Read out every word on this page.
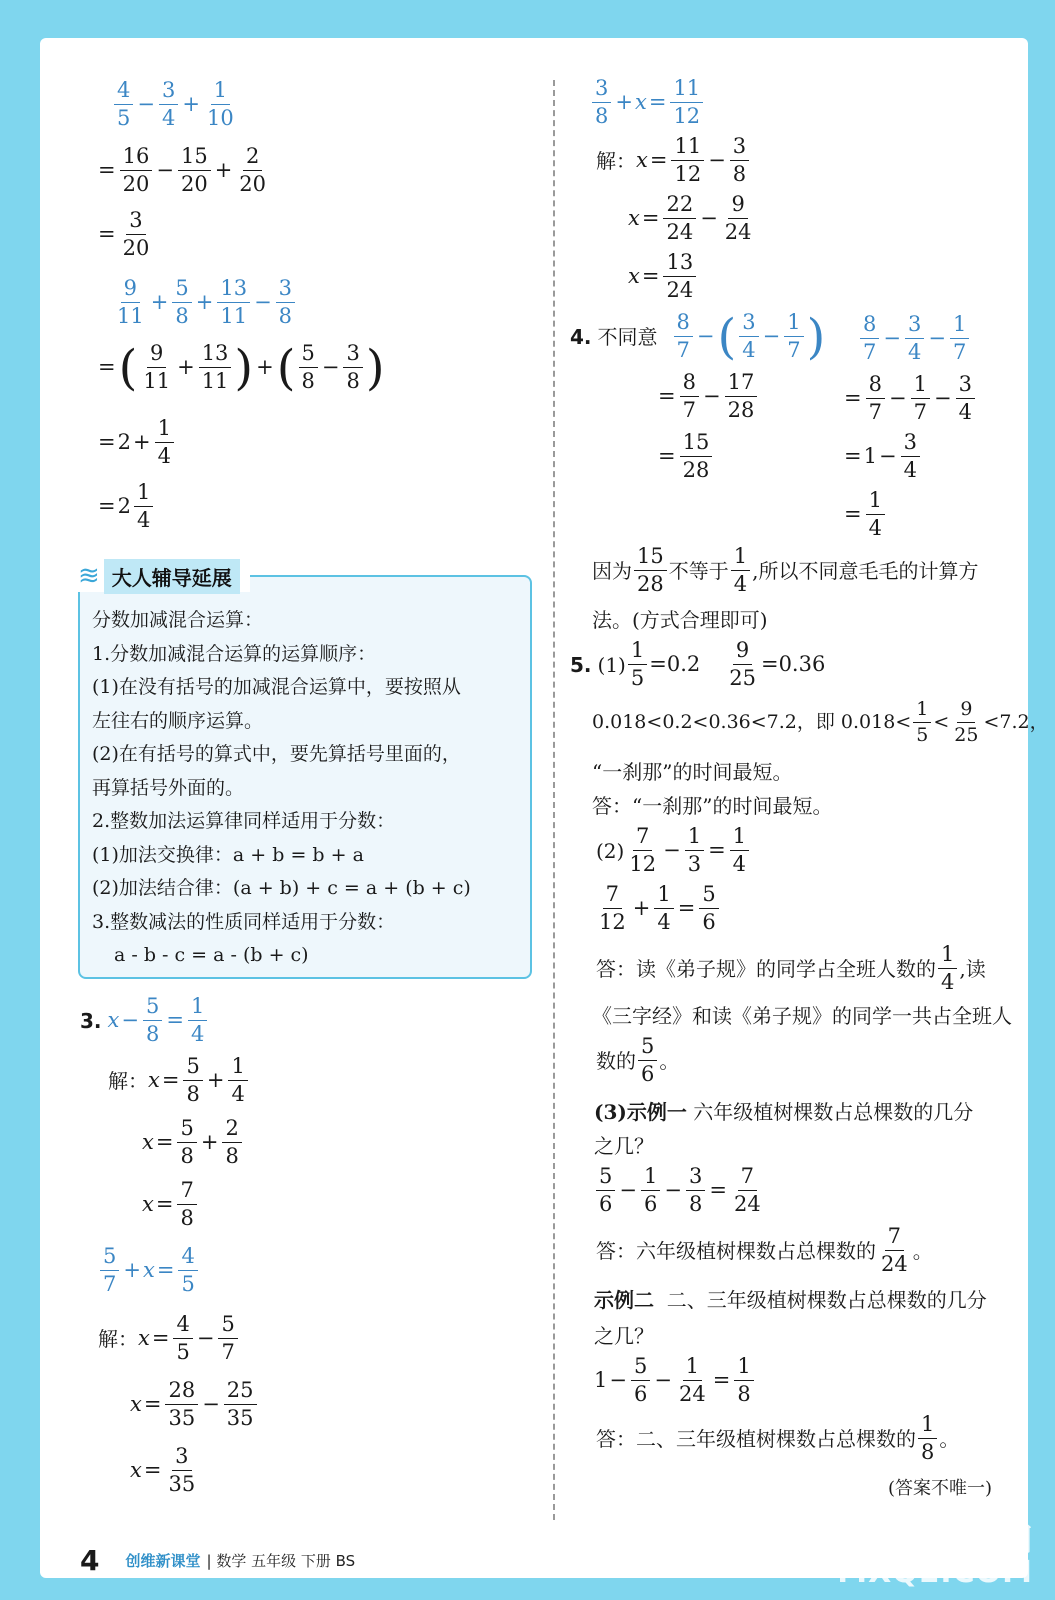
$\frac{4}{5} - \frac{3}{4} + \frac{1}{10}$
= $\frac{16}{20} - \frac{15}{20} + \frac{2}{20}$
= $\frac{3}{20}$
$\frac{9}{11} + \frac{5}{8} + \frac{13}{11} - \frac{3}{8}$
= ( $\frac{9}{11} + \frac{13}{11}$ ) + ( $\frac{5}{8} - \frac{3}{8}$ )
= $2 + \frac{1}{4}$
= $2 \frac{1}{4}$
≋ 大人辅导延展
分数加减混合运算：
1.分数加减混合运算的运算顺序：
(1)在没有括号的加减混合运算中，要按照从
左往右的顺序运算。
(2)在有括号的算式中，要先算括号里面的，
再算括号外面的。
2.整数加法运算律同样适用于分数：
(1)加法交换律：a + b = b + a
(2)加法结合律：(a + b) + c = a + (b + c)
3.整数减法的性质同样适用于分数：
a - b - c = a - (b + c)
3. $x - \frac{5}{8} = \frac{1}{4}$
解： $x = \frac{5}{8} + \frac{1}{4}$
$x = \frac{5}{8} + \frac{2}{8}$
$x = \frac{7}{8}$
$\frac{5}{7} + x = \frac{4}{5}$
解： $x = \frac{4}{5} - \frac{5}{7}$
$x = \frac{28}{35} - \frac{25}{35}$
$x = \frac{3}{35}$
$\frac{3}{8} + x = \frac{11}{12}$
解： $x = \frac{11}{12} - \frac{3}{8}$
$x = \frac{22}{24} - \frac{9}{24}$
$x = \frac{13}{24}$
4. 不同意 $\frac{8}{7}$ − ( $\frac{3}{4} - \frac{1}{7}$ )
= $\frac{8}{7} - \frac{17}{28}$
= $\frac{15}{28}$
$\frac{8}{7} - \frac{3}{4} - \frac{1}{7}$
= $\frac{8}{7} - \frac{1}{7} - \frac{3}{4}$
= $1 - \frac{3}{4}$
= $\frac{1}{4}$
因为 $\frac{15}{28}$ 不等于 $\frac{1}{4}$ ,所以不同意毛毛的计算方
法。(方式合理即可)
5. $(1) \frac{1}{5} =0.2 \frac{9}{25} =0.36$
0.018<0.2<0.36<7.2，即 $0.018< \frac{1}{5} < \frac{9}{25} <7.2$，
“一刹那”的时间最短。
答：“一刹那”的时间最短。
$(2) \frac{7}{12} - \frac{1}{3} = \frac{1}{4}$
$\frac{7}{12} + \frac{1}{4} = \frac{5}{6}$
答：读《弟子规》的同学占全班人数的 $\frac{1}{4}$ ,读
《三字经》和读《弟子规》的同学一共占全班人
数的 $\frac{5}{6}$ 。
(3)示例一 六年级植树棵数占总棵数的几分
之几？
$\frac{5}{6} - \frac{1}{6} - \frac{3}{8} = \frac{7}{24}$
答：六年级植树棵数占总棵数的 $\frac{7}{24}$ 。
示例二 二、三年级植树棵数占总棵数的几分
之几？
$1 - \frac{5}{6} - \frac{1}{24} = \frac{1}{8}$
答：二、三年级植树棵数占总棵数的 $\frac{1}{8}$ 。
(答案不唯一)
4 创维新课堂 | 数学 五年级 下册 BS
答案圈
MXQE.COM
